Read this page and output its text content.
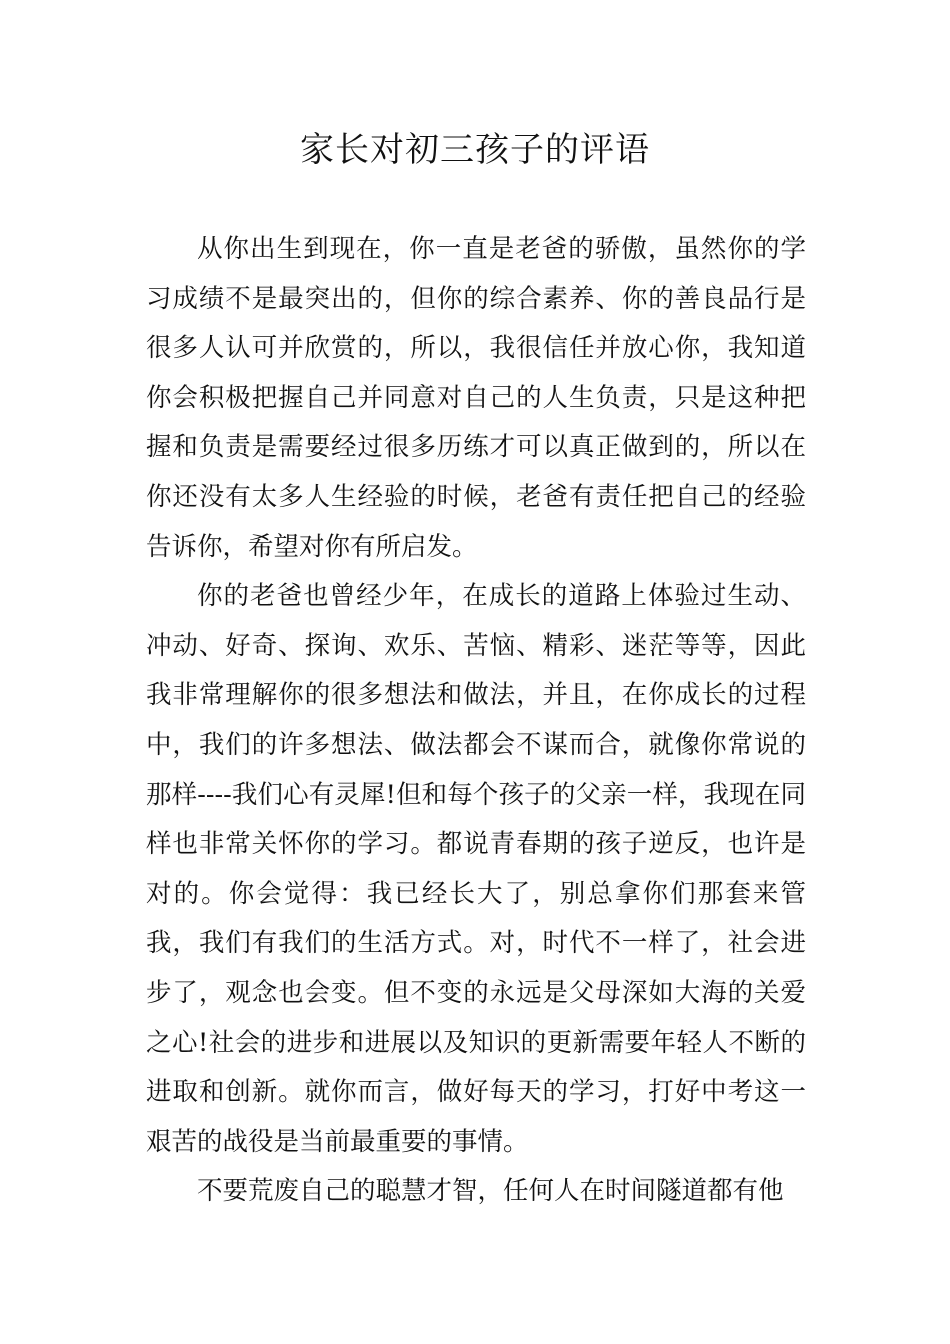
家长对初三孩子的评语

从你出生到现在，你一直是老爸的骄傲，虽然你的学习成绩不是最突出的，但你的综合素养、你的善良品行是很多人认可并欣赏的，所以，我很信任并放心你，我知道你会积极把握自己并同意对自己的人生负责，只是这种把握和负责是需要经过很多历练才可以真正做到的，所以在你还没有太多人生经验的时候，老爸有责任把自己的经验告诉你，希望对你有所启发。

你的老爸也曾经少年，在成长的道路上体验过生动、冲动、好奇、探询、欢乐、苦恼、精彩、迷茫等等，因此我非常理解你的很多想法和做法，并且，在你成长的过程中，我们的许多想法、做法都会不谋而合，就像你常说的那样----我们心有灵犀!但和每个孩子的父亲一样，我现在同样也非常关怀你的学习。都说青春期的孩子逆反，也许是对的。你会觉得：我已经长大了，别总拿你们那套来管我，我们有我们的生活方式。对，时代不一样了，社会进步了，观念也会变。但不变的永远是父母深如大海的关爱之心!社会的进步和进展以及知识的更新需要年轻人不断的进取和创新。就你而言，做好每天的学习，打好中考这一艰苦的战役是当前最重要的事情。

不要荒废自己的聪慧才智，任何人在时间隧道都有他
